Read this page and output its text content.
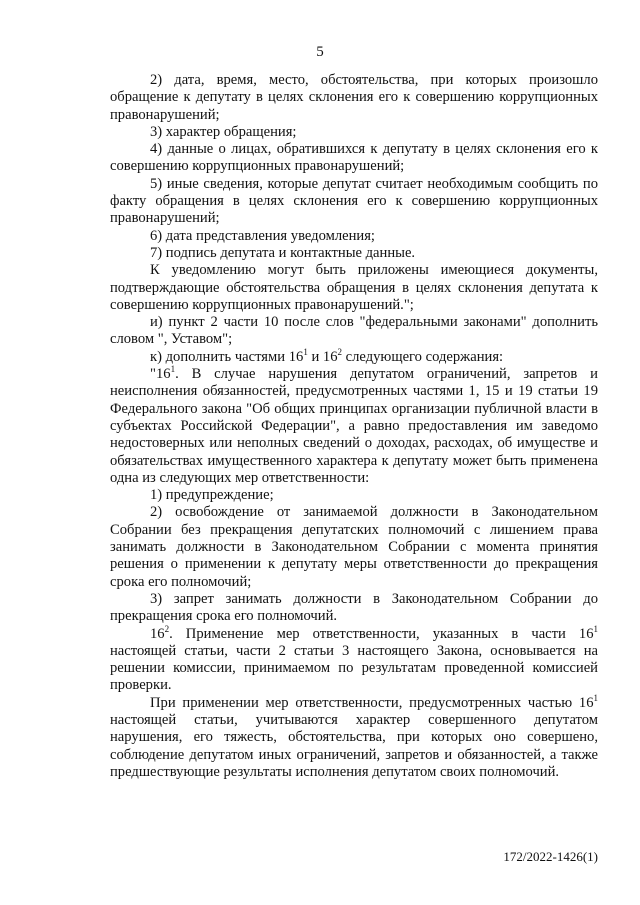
5

2) дата, время, место, обстоятельства, при которых произошло обращение к депутату в целях склонения его к совершению коррупционных правонарушений;

3) характер обращения;

4) данные о лицах, обратившихся к депутату в целях склонения его к совершению коррупционных правонарушений;

5) иные сведения, которые депутат считает необходимым сообщить по факту обращения в целях склонения его к совершению коррупционных правонарушений;

6) дата представления уведомления;

7) подпись депутата и контактные данные.

К уведомлению могут быть приложены имеющиеся документы, подтверждающие обстоятельства обращения в целях склонения депутата к совершению коррупционных правонарушений.";

и) пункт 2 части 10 после слов "федеральными законами" дополнить словом ", Уставом";

к) дополнить частями $16^1$ и $16^2$ следующего содержания:

"$16^1$. В случае нарушения депутатом ограничений, запретов и неисполнения обязанностей, предусмотренных частями 1, 15 и 19 статьи 19 Федерального закона "Об общих принципах организации публичной власти в субъектах Российской Федерации", а равно предоставления им заведомо недостоверных или неполных сведений о доходах, расходах, об имуществе и обязательствах имущественного характера к депутату может быть применена одна из следующих мер ответственности:

1) предупреждение;

2) освобождение от занимаемой должности в Законодательном Собрании без прекращения депутатских полномочий с лишением права занимать должности в Законодательном Собрании с момента принятия решения о применении к депутату меры ответственности до прекращения срока его полномочий;

3) запрет занимать должности в Законодательном Собрании до прекращения срока его полномочий.

$16^2$. Применение мер ответственности, указанных в части $16^1$ настоящей статьи, части 2 статьи 3 настоящего Закона, основывается на решении комиссии, принимаемом по результатам проведенной комиссией проверки.

При применении мер ответственности, предусмотренных частью $16^1$ настоящей статьи, учитываются характер совершенного депутатом нарушения, его тяжесть, обстоятельства, при которых оно совершено, соблюдение депутатом иных ограничений, запретов и обязанностей, а также предшествующие результаты исполнения депутатом своих полномочий.

172/2022-1426(1)
